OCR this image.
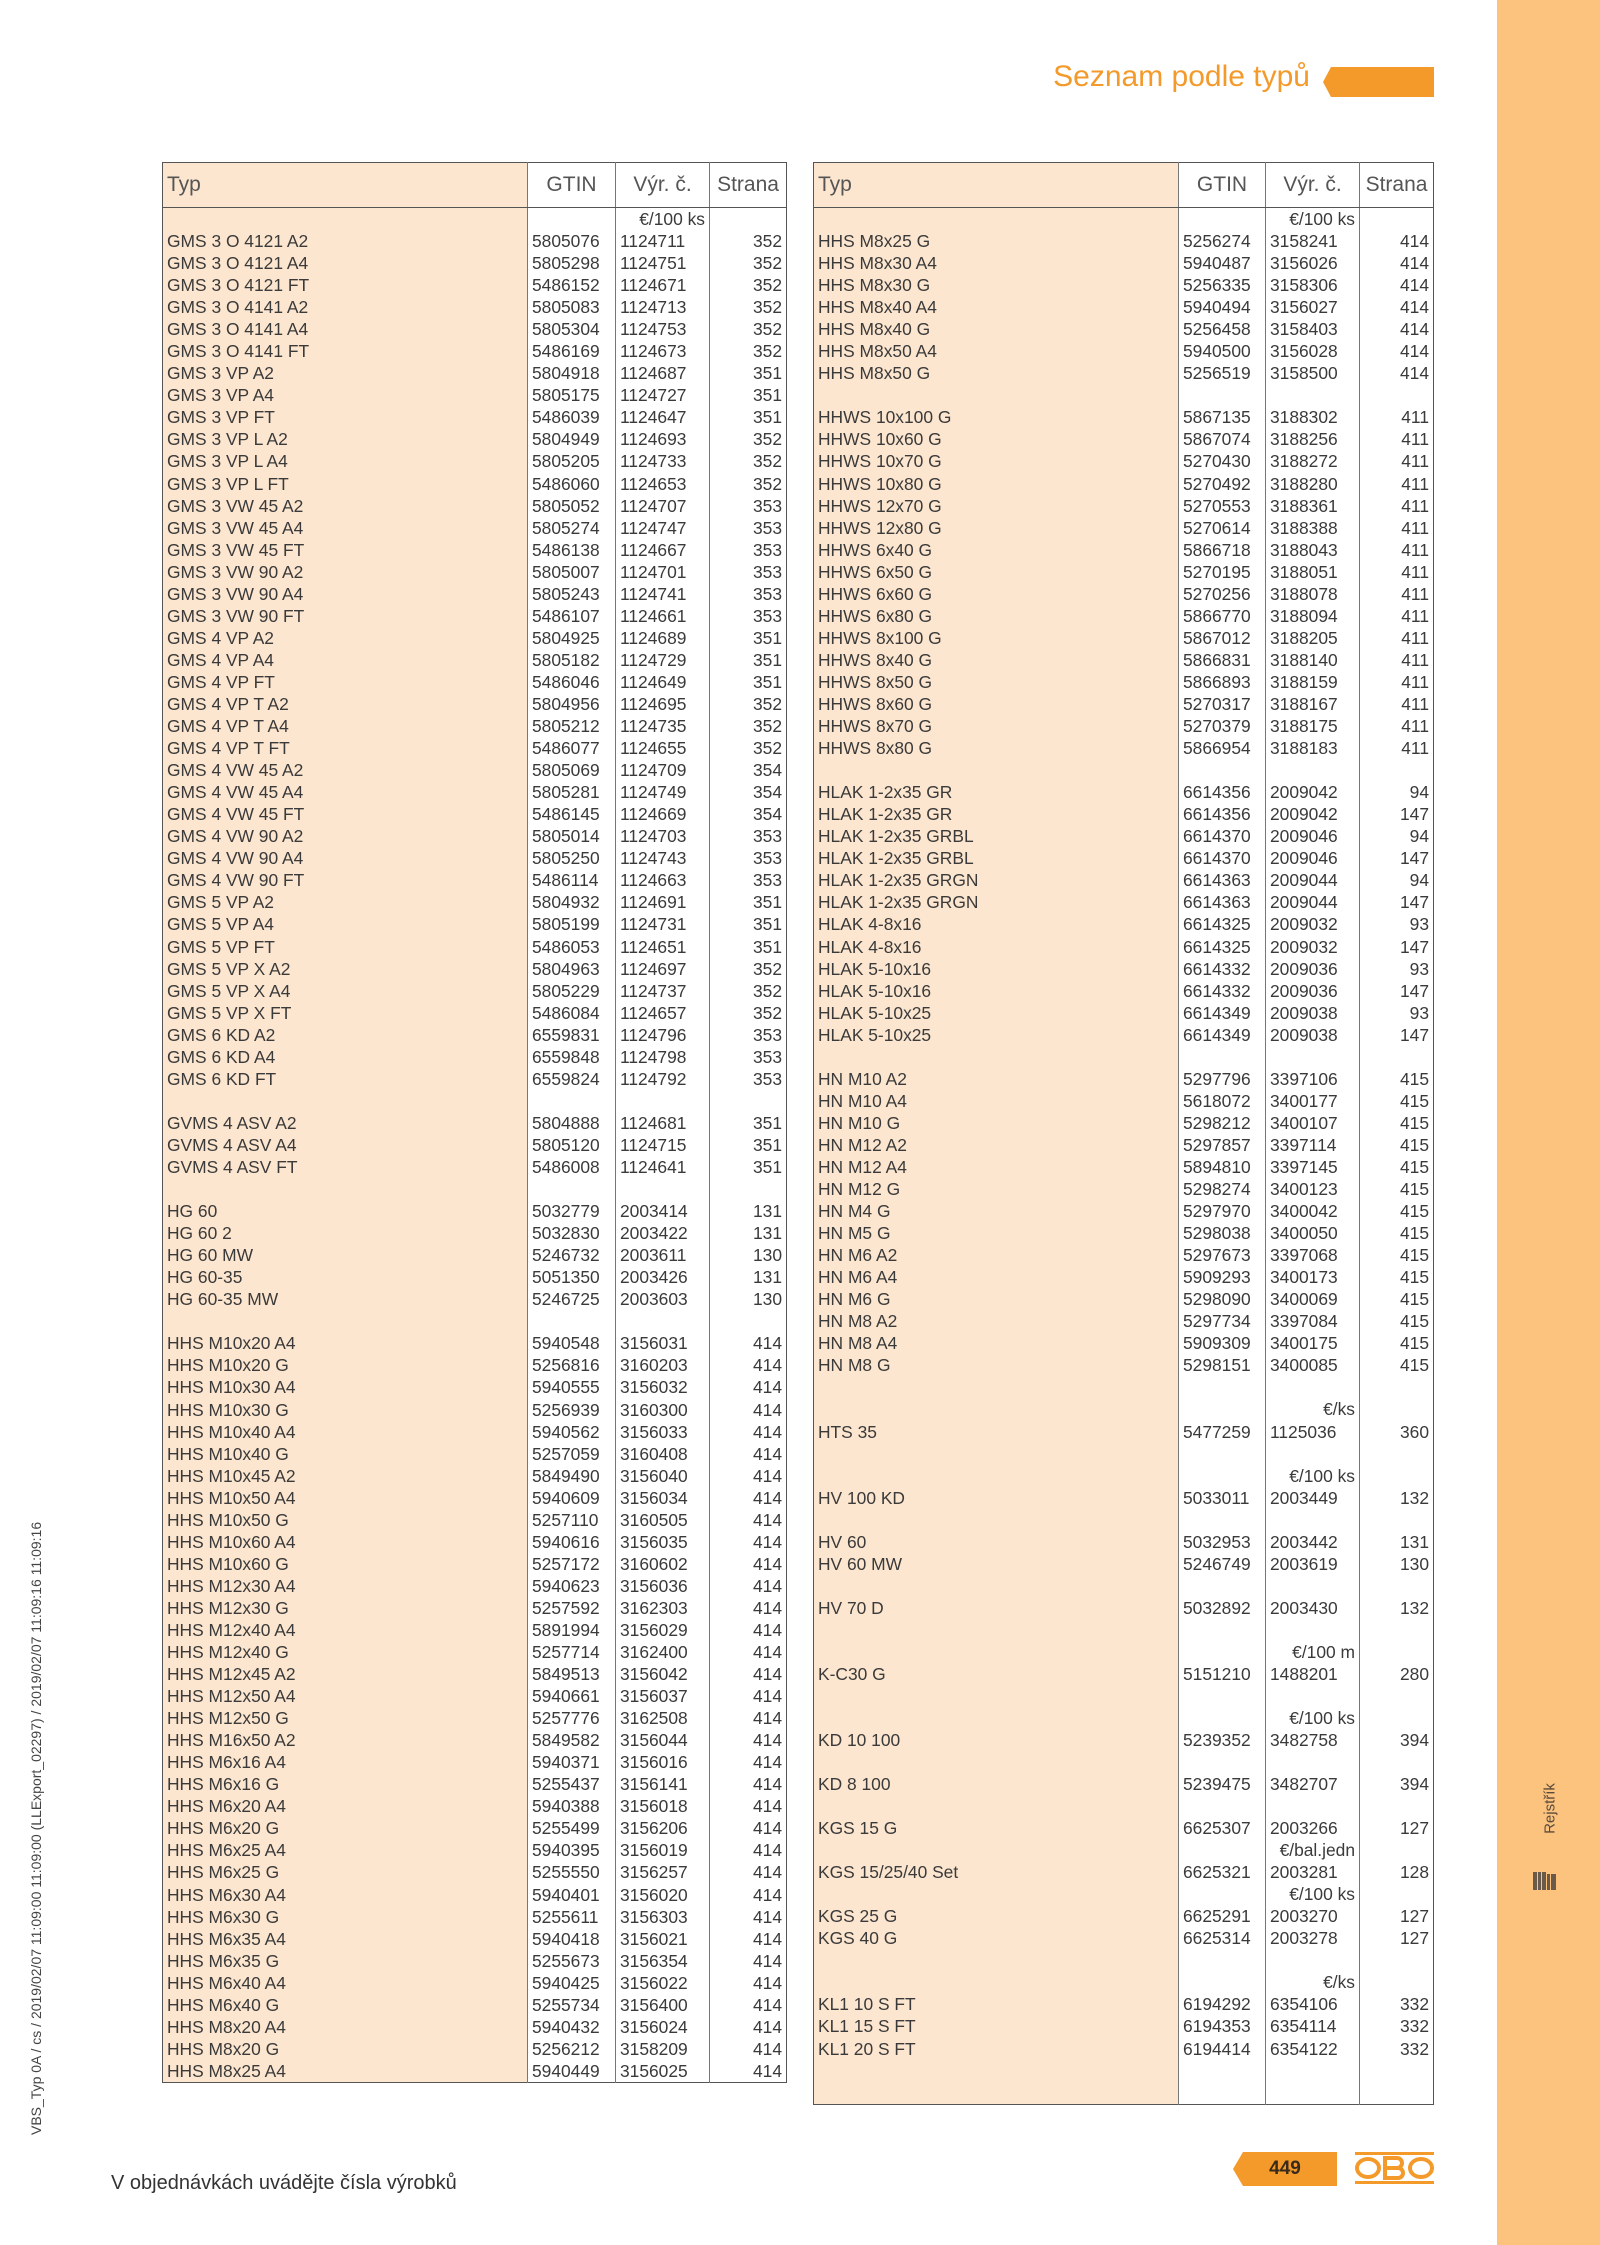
Rejstřík
Seznam podle typů
VBS_Typ 0A / cs / 2019/02/07 11:09:00 11:09:00 (LLExport_02297) / 2019/02/07 11:09:16 11:09:16
Typ	GTIN	Výr. č.	Strana
		€/100 ks	
GMS 3 O 4121 A2	5805076	1124711	352
GMS 3 O 4121 A4	5805298	1124751	352
GMS 3 O 4121 FT	5486152	1124671	352
GMS 3 O 4141 A2	5805083	1124713	352
GMS 3 O 4141 A4	5805304	1124753	352
GMS 3 O 4141 FT	5486169	1124673	352
GMS 3 VP A2	5804918	1124687	351
GMS 3 VP A4	5805175	1124727	351
GMS 3 VP FT	5486039	1124647	351
GMS 3 VP L A2	5804949	1124693	352
GMS 3 VP L A4	5805205	1124733	352
GMS 3 VP L FT	5486060	1124653	352
GMS 3 VW 45 A2	5805052	1124707	353
GMS 3 VW 45 A4	5805274	1124747	353
GMS 3 VW 45 FT	5486138	1124667	353
GMS 3 VW 90 A2	5805007	1124701	353
GMS 3 VW 90 A4	5805243	1124741	353
GMS 3 VW 90 FT	5486107	1124661	353
GMS 4 VP A2	5804925	1124689	351
GMS 4 VP A4	5805182	1124729	351
GMS 4 VP FT	5486046	1124649	351
GMS 4 VP T A2	5804956	1124695	352
GMS 4 VP T A4	5805212	1124735	352
GMS 4 VP T FT	5486077	1124655	352
GMS 4 VW 45 A2	5805069	1124709	354
GMS 4 VW 45 A4	5805281	1124749	354
GMS 4 VW 45 FT	5486145	1124669	354
GMS 4 VW 90 A2	5805014	1124703	353
GMS 4 VW 90 A4	5805250	1124743	353
GMS 4 VW 90 FT	5486114	1124663	353
GMS 5 VP A2	5804932	1124691	351
GMS 5 VP A4	5805199	1124731	351
GMS 5 VP FT	5486053	1124651	351
GMS 5 VP X A2	5804963	1124697	352
GMS 5 VP X A4	5805229	1124737	352
GMS 5 VP X FT	5486084	1124657	352
GMS 6 KD A2	6559831	1124796	353
GMS 6 KD A4	6559848	1124798	353
GMS 6 KD FT	6559824	1124792	353

GVMS 4 ASV A2	5804888	1124681	351
GVMS 4 ASV A4	5805120	1124715	351
GVMS 4 ASV FT	5486008	1124641	351

HG 60	5032779	2003414	131
HG 60 2	5032830	2003422	131
HG 60 MW	5246732	2003611	130
HG 60-35	5051350	2003426	131
HG 60-35 MW	5246725	2003603	130

HHS M10x20 A4	5940548	3156031	414
HHS M10x20 G	5256816	3160203	414
HHS M10x30 A4	5940555	3156032	414
HHS M10x30 G	5256939	3160300	414
HHS M10x40 A4	5940562	3156033	414
HHS M10x40 G	5257059	3160408	414
HHS M10x45 A2	5849490	3156040	414
HHS M10x50 A4	5940609	3156034	414
HHS M10x50 G	5257110	3160505	414
HHS M10x60 A4	5940616	3156035	414
HHS M10x60 G	5257172	3160602	414
HHS M12x30 A4	5940623	3156036	414
HHS M12x30 G	5257592	3162303	414
HHS M12x40 A4	5891994	3156029	414
HHS M12x40 G	5257714	3162400	414
HHS M12x45 A2	5849513	3156042	414
HHS M12x50 A4	5940661	3156037	414
HHS M12x50 G	5257776	3162508	414
HHS M16x50 A2	5849582	3156044	414
HHS M6x16 A4	5940371	3156016	414
HHS M6x16 G	5255437	3156141	414
HHS M6x20 A4	5940388	3156018	414
HHS M6x20 G	5255499	3156206	414
HHS M6x25 A4	5940395	3156019	414
HHS M6x25 G	5255550	3156257	414
HHS M6x30 A4	5940401	3156020	414
HHS M6x30 G	5255611	3156303	414
HHS M6x35 A4	5940418	3156021	414
HHS M6x35 G	5255673	3156354	414
HHS M6x40 A4	5940425	3156022	414
HHS M6x40 G	5255734	3156400	414
HHS M8x20 A4	5940432	3156024	414
HHS M8x20 G	5256212	3158209	414
HHS M8x25 A4	5940449	3156025	414
Typ	GTIN	Výr. č.	Strana
		€/100 ks	
HHS M8x25 G	5256274	3158241	414
HHS M8x30 A4	5940487	3156026	414
HHS M8x30 G	5256335	3158306	414
HHS M8x40 A4	5940494	3156027	414
HHS M8x40 G	5256458	3158403	414
HHS M8x50 A4	5940500	3156028	414
HHS M8x50 G	5256519	3158500	414

HHWS 10x100 G	5867135	3188302	411
HHWS 10x60 G	5867074	3188256	411
HHWS 10x70 G	5270430	3188272	411
HHWS 10x80 G	5270492	3188280	411
HHWS 12x70 G	5270553	3188361	411
HHWS 12x80 G	5270614	3188388	411
HHWS 6x40 G	5866718	3188043	411
HHWS 6x50 G	5270195	3188051	411
HHWS 6x60 G	5270256	3188078	411
HHWS 6x80 G	5866770	3188094	411
HHWS 8x100 G	5867012	3188205	411
HHWS 8x40 G	5866831	3188140	411
HHWS 8x50 G	5866893	3188159	411
HHWS 8x60 G	5270317	3188167	411
HHWS 8x70 G	5270379	3188175	411
HHWS 8x80 G	5866954	3188183	411

HLAK 1-2x35 GR	6614356	2009042	94
HLAK 1-2x35 GR	6614356	2009042	147
HLAK 1-2x35 GRBL	6614370	2009046	94
HLAK 1-2x35 GRBL	6614370	2009046	147
HLAK 1-2x35 GRGN	6614363	2009044	94
HLAK 1-2x35 GRGN	6614363	2009044	147
HLAK 4-8x16	6614325	2009032	93
HLAK 4-8x16	6614325	2009032	147
HLAK 5-10x16	6614332	2009036	93
HLAK 5-10x16	6614332	2009036	147
HLAK 5-10x25	6614349	2009038	93
HLAK 5-10x25	6614349	2009038	147

HN M10 A2	5297796	3397106	415
HN M10 A4	5618072	3400177	415
HN M10 G	5298212	3400107	415
HN M12 A2	5297857	3397114	415
HN M12 A4	5894810	3397145	415
HN M12 G	5298274	3400123	415
HN M4 G	5297970	3400042	415
HN M5 G	5298038	3400050	415
HN M6 A2	5297673	3397068	415
HN M6 A4	5909293	3400173	415
HN M6 G	5298090	3400069	415
HN M8 A2	5297734	3397084	415
HN M8 A4	5909309	3400175	415
HN M8 G	5298151	3400085	415

		€/ks	
HTS 35	5477259	1125036	360

		€/100 ks	
HV 100 KD	5033011	2003449	132

HV 60	5032953	2003442	131
HV 60 MW	5246749	2003619	130

HV 70 D	5032892	2003430	132

		€/100 m	
K-C30 G	5151210	1488201	280

		€/100 ks	
KD 10 100	5239352	3482758	394

KD 8 100	5239475	3482707	394

KGS 15 G	6625307	2003266	127
		€/bal.jedn	
KGS 15/25/40 Set	6625321	2003281	128
		€/100 ks	
KGS 25 G	6625291	2003270	127
KGS 40 G	6625314	2003278	127

		€/ks	
KL1 10 S FT	6194292	6354106	332
KL1 15 S FT	6194353	6354114	332
KL1 20 S FT	6194414	6354122	332

V objednávkách uvádějte čísla výrobků
449
